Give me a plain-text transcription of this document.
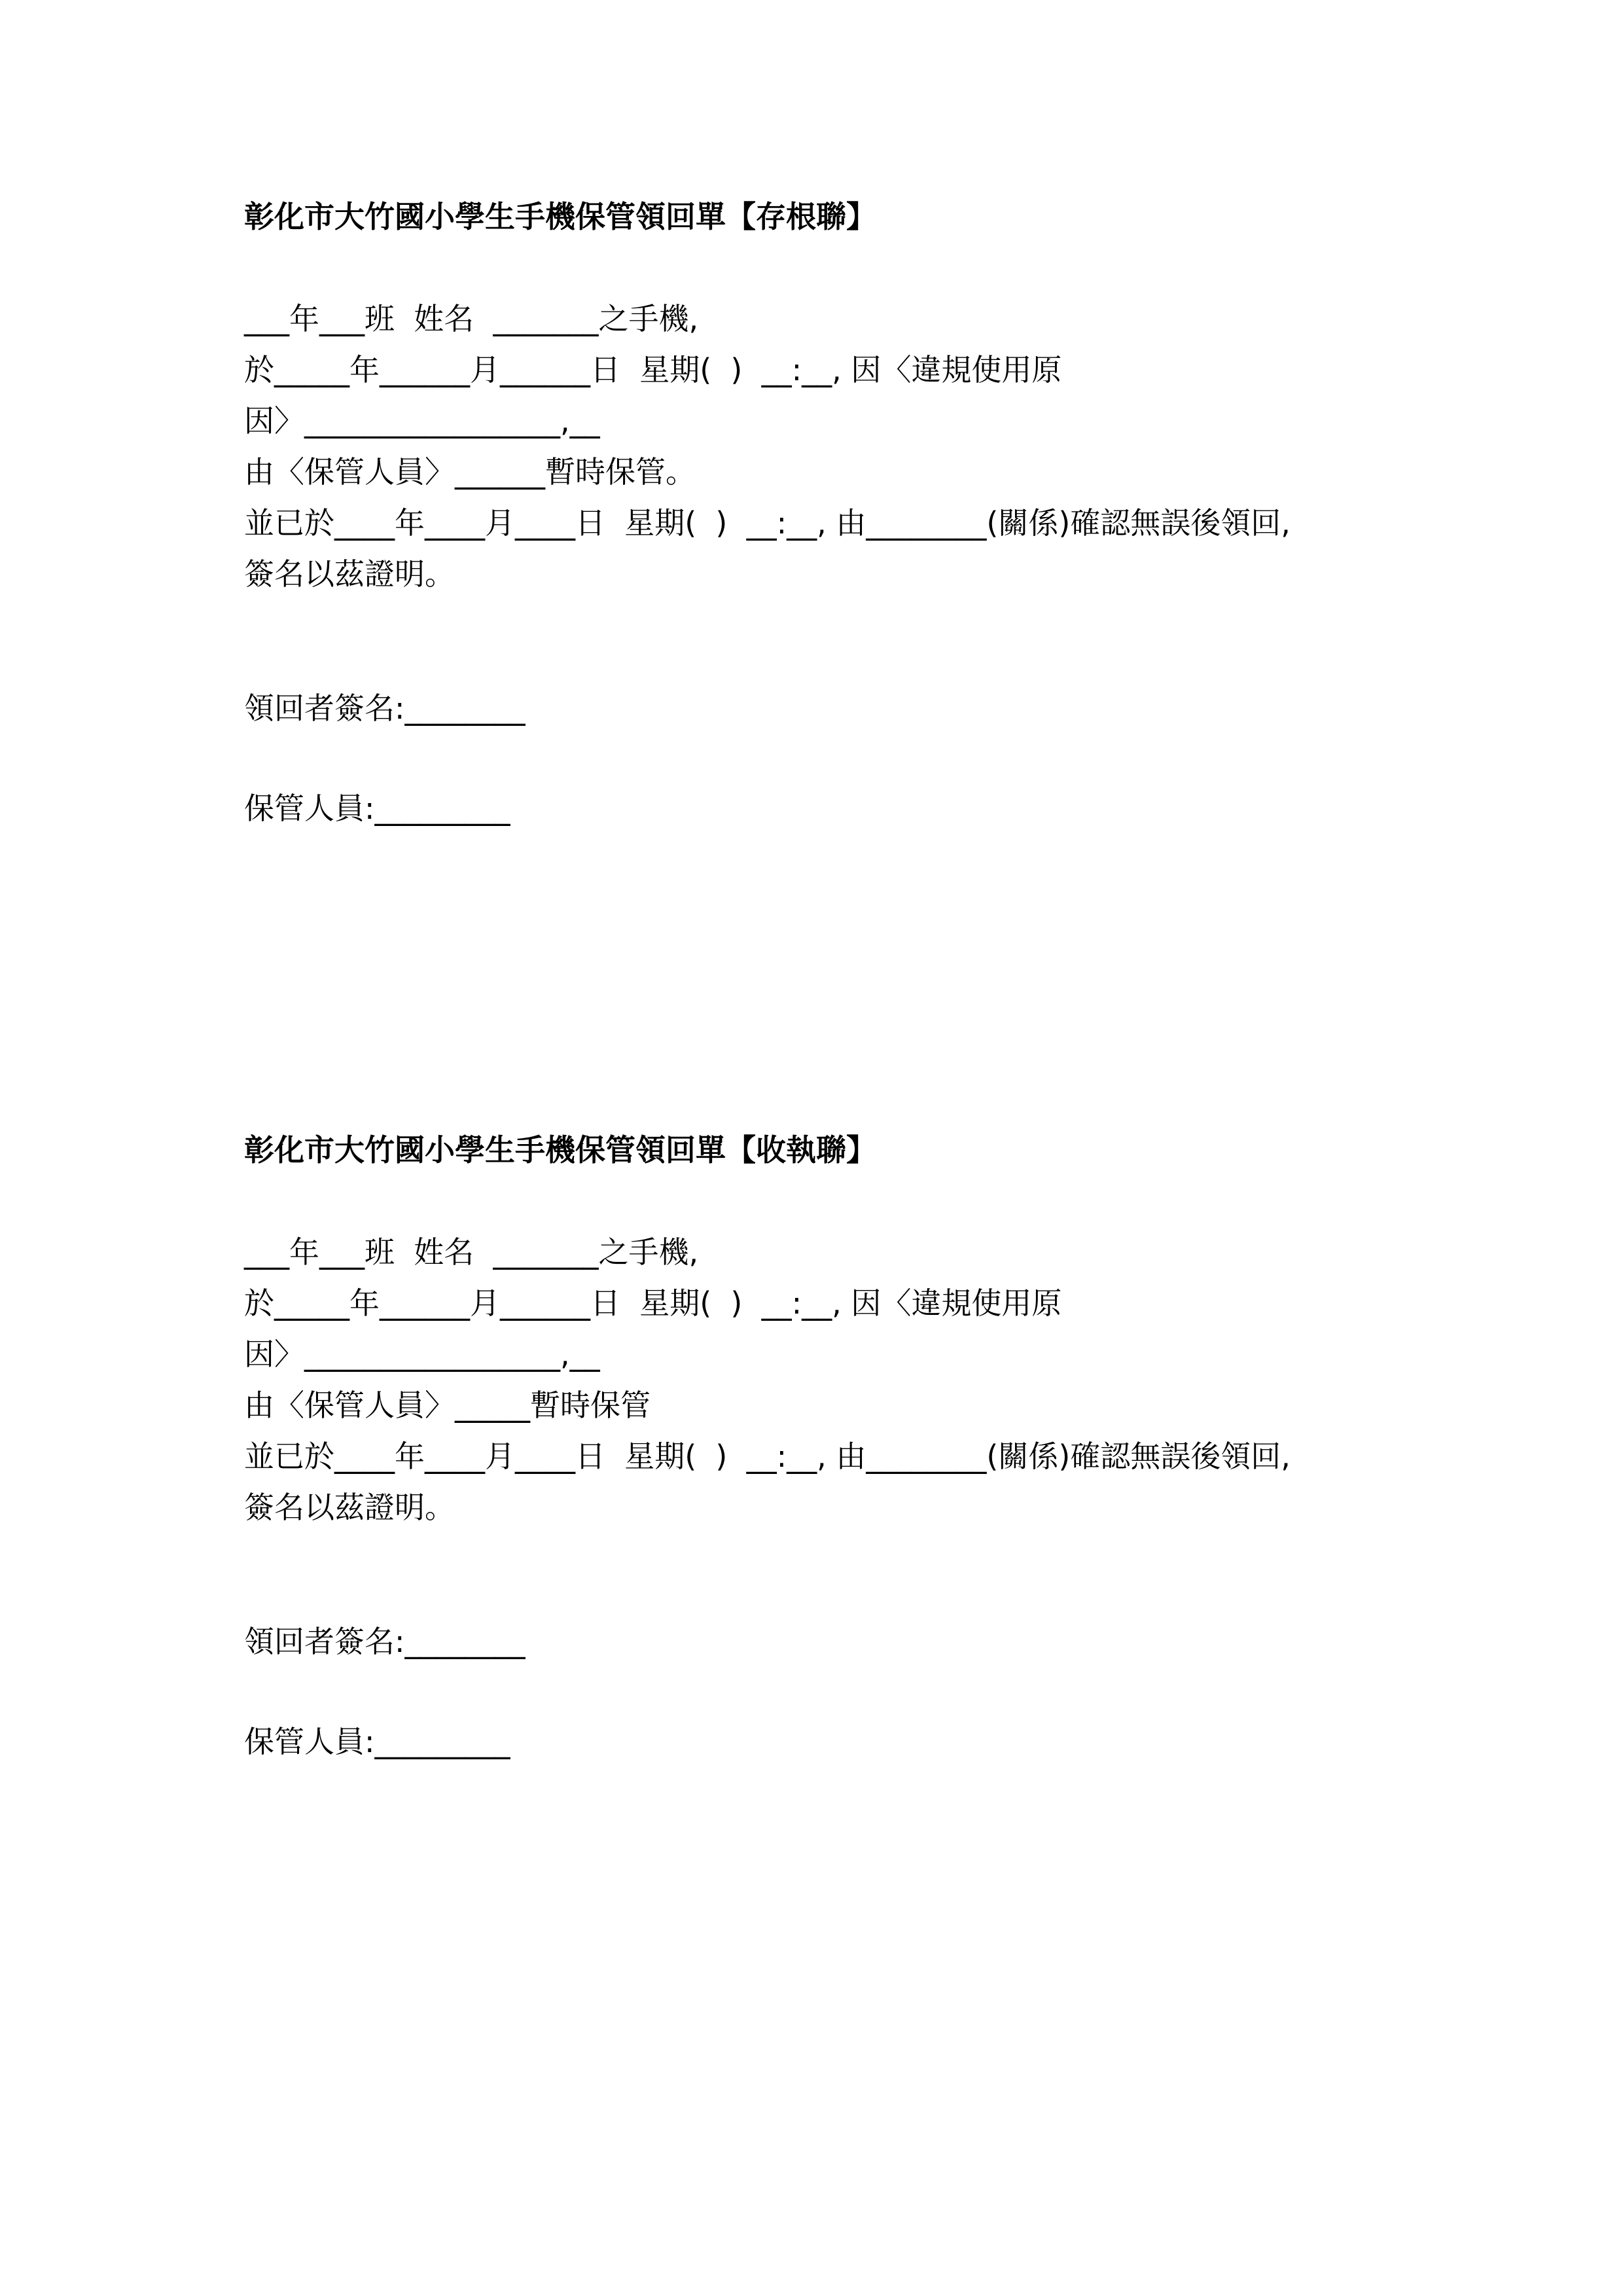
彰化市大竹國小學生手機保管領回單【存根聯】
___年___班  姓名  _______之手機,
於_____年______月______日  星期(  )  __:__, 因〈違規使用原
因〉_________________,__
由〈保管人員〉______暫時保管。
並已於____年____月____日  星期(  )  __:__, 由________(關係)確認無誤後領回,
簽名以茲證明。
領回者簽名:________
保管人員:_________
彰化市大竹國小學生手機保管領回單【收執聯】
___年___班  姓名  _______之手機,
於_____年______月______日  星期(  )  __:__, 因〈違規使用原
因〉_________________,__
由〈保管人員〉_____暫時保管
並已於____年____月____日  星期(  )  __:__, 由________(關係)確認無誤後領回,
簽名以茲證明。
領回者簽名:________
保管人員:_________
